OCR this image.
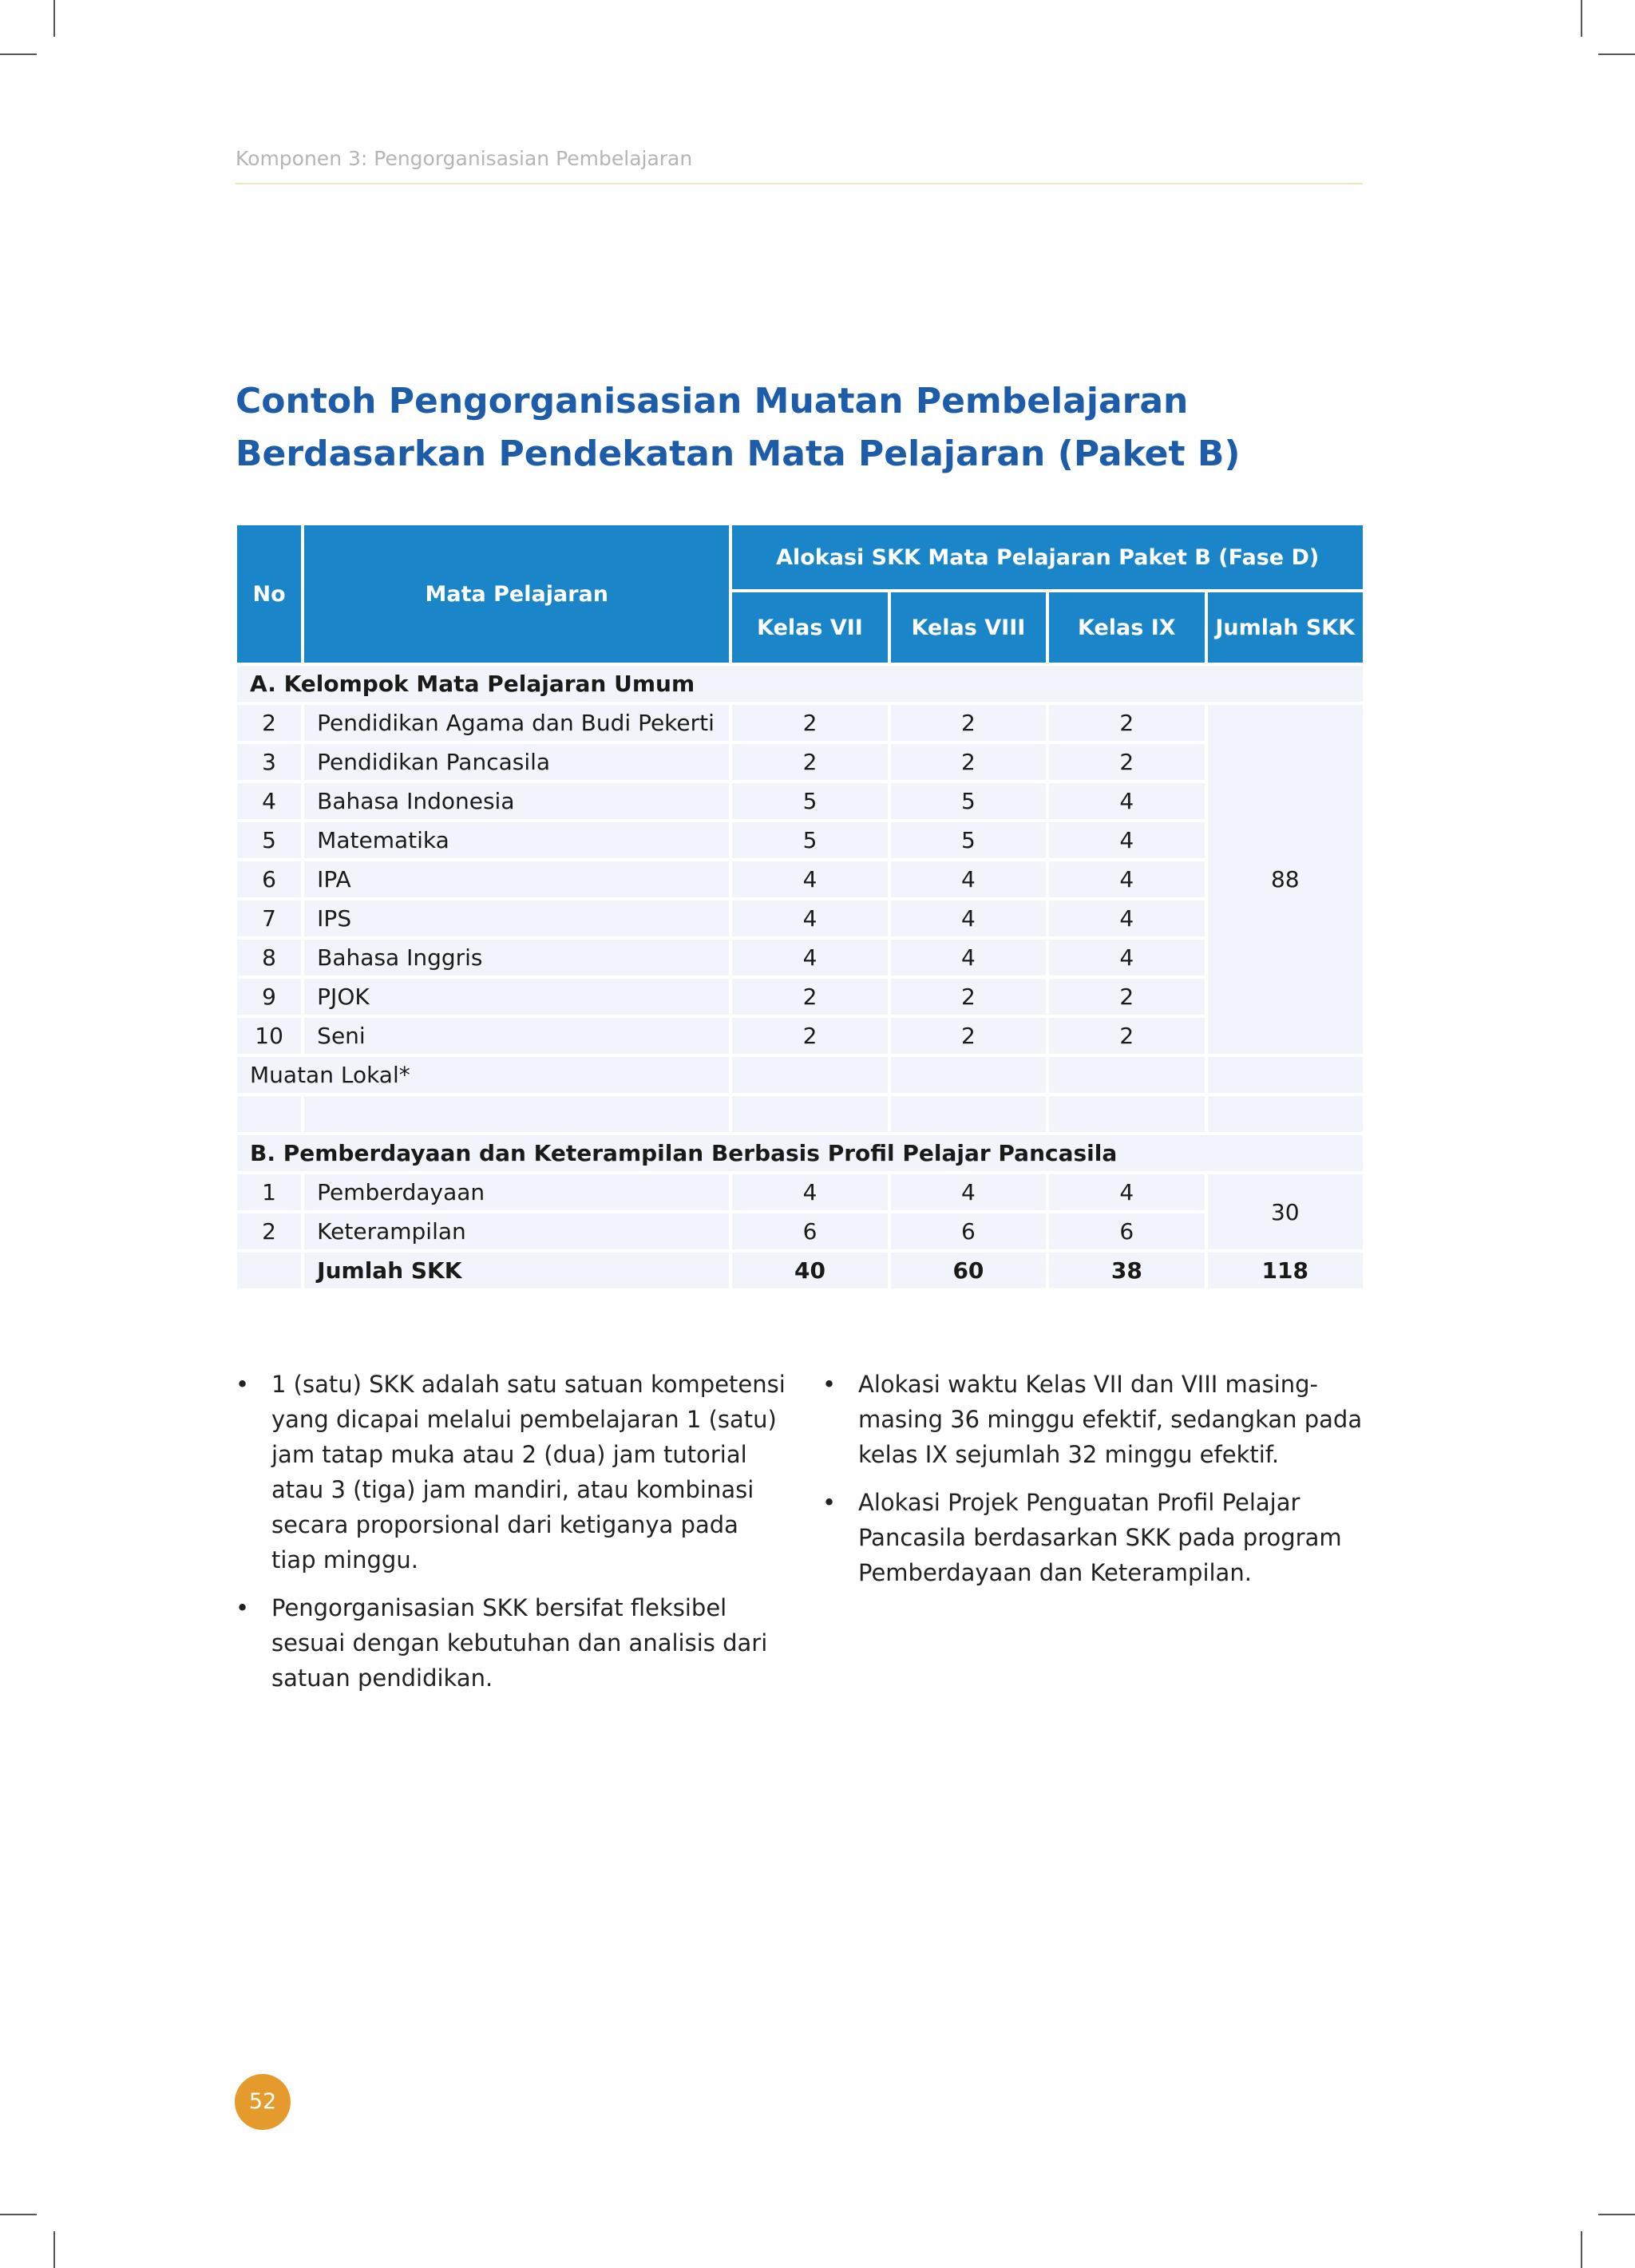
Komponen 3: Pengorganisasian Pembelajaran
Contoh Pengorganisasian Muatan Pembelajaran Berdasarkan Pendekatan Mata Pelajaran (Paket B)
No	Mata Pelajaran	Alokasi SKK Mata Pelajaran Paket B (Fase D)			
		Kelas VII	Kelas VIII	Kelas IX	Jumlah SKK
A. Kelompok Mata Pelajaran Umum					
2	Pendidikan Agama dan Budi Pekerti	2	2	2	88
3	Pendidikan Pancasila	2	2	2	
4	Bahasa Indonesia	5	5	4	
5	Matematika	5	5	4	
6	IPA	4	4	4	
7	IPS	4	4	4	
8	Bahasa Inggris	4	4	4	
9	PJOK	2	2	2	
10	Seni	2	2	2	
Muatan Lokal*					

B. Pemberdayaan dan Keterampilan Berbasis Profil Pelajar Pancasila					
1	Pemberdayaan	4	4	4	30
2	Keterampilan	6	6	6	
	Jumlah SKK	40	60	38	118
• 1 (satu) SKK adalah satu satuan kompetensi yang dicapai melalui pembelajaran 1 (satu) jam tatap muka atau 2 (dua) jam tutorial atau 3 (tiga) jam mandiri, atau kombinasi secara proporsional dari ketiganya pada tiap minggu.
• Pengorganisasian SKK bersifat fleksibel sesuai dengan kebutuhan dan analisis dari satuan pendidikan.
• Alokasi waktu Kelas VII dan VIII masing-masing 36 minggu efektif, sedangkan pada kelas IX sejumlah 32 minggu efektif.
• Alokasi Projek Penguatan Profil Pelajar Pancasila berdasarkan SKK pada program Pemberdayaan dan Keterampilan.
52
